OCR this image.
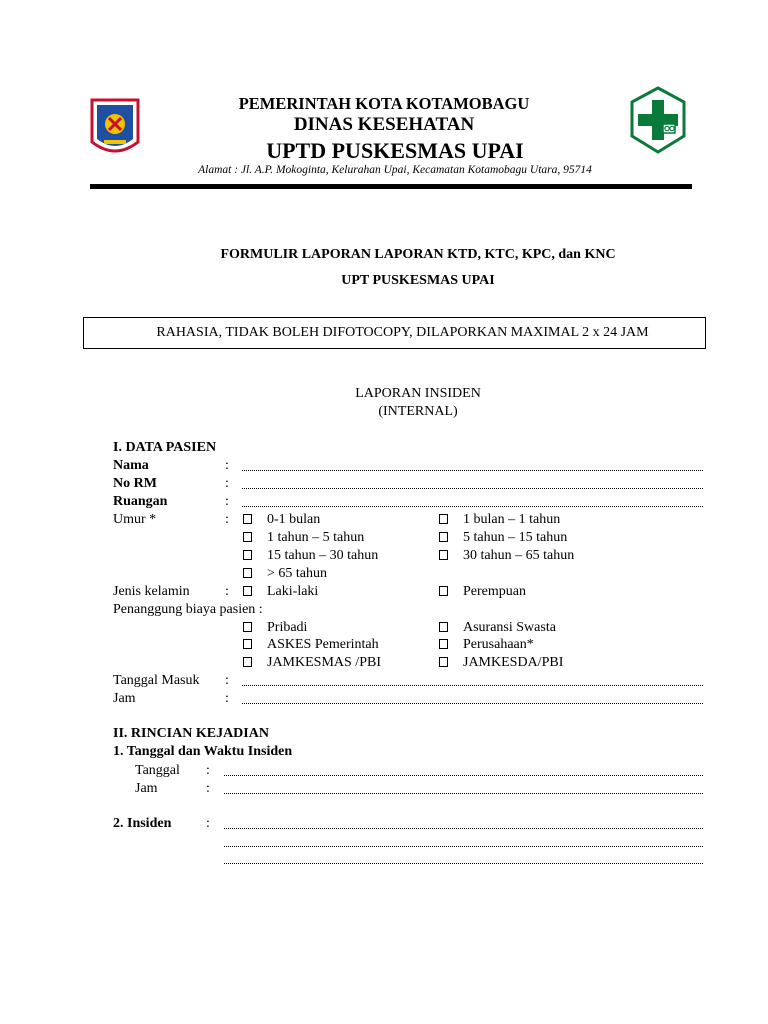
PEMERINTAH KOTA KOTAMOBAGU
DINAS KESEHATAN
UPTD PUSKESMAS UPAI
Alamat : Jl. A.P. Mokoginta, Kelurahan Upai, Kecamatan Kotamobagu Utara, 95714
FORMULIR LAPORAN LAPORAN KTD, KTC, KPC, dan KNC
UPT PUSKESMAS UPAI
RAHASIA, TIDAK BOLEH DIFOTOCOPY, DILAPORKAN MAXIMAL 2 x 24 JAM
LAPORAN INSIDEN
(INTERNAL)
I. DATA PASIEN
Nama	:
No RM	:
Ruangan	:
Umur *	:	0-1 bulan	1 bulan – 1 tahun
1 tahun – 5 tahun	5 tahun – 15 tahun
15 tahun – 30 tahun	30 tahun – 65 tahun
> 65 tahun
Jenis kelamin	:	Laki-laki	Perempuan
Penanggung biaya pasien :
Pribadi	Asuransi Swasta
ASKES Pemerintah	Perusahaan*
JAMKESMAS /PBI	JAMKESDA/PBI
Tanggal Masuk :
Jam	:
II. RINCIAN KEJADIAN
1. Tanggal dan Waktu Insiden
Tanggal :
Jam	:
2. Insiden :
